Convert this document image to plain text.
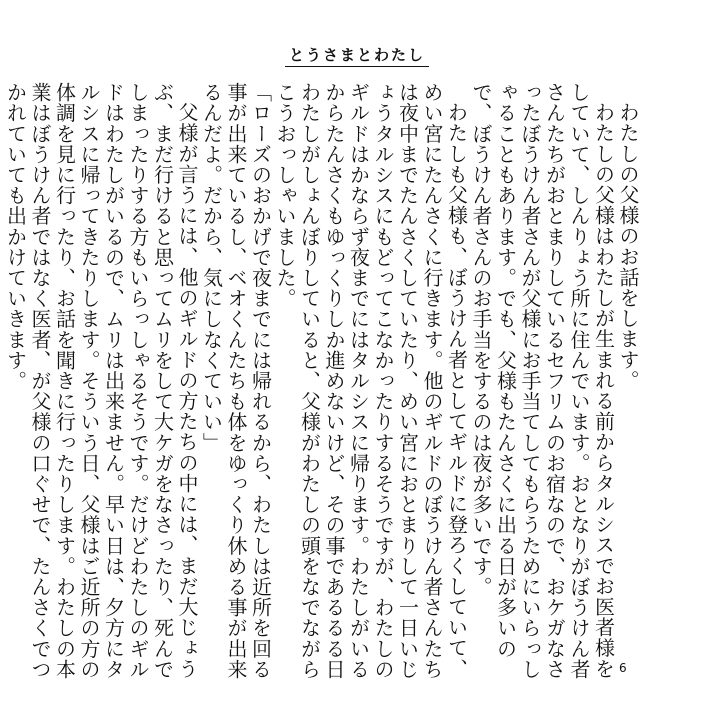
とうさまとわたし

わたしの父様のお話をします。

わたしの父様はわたしが生まれる前からタルシスでお医者様をしていて、しんりょう所に住んでいます。おとなりがぼうけん者さんたちがおとまりしているセフリムのお宿なので、おケガなさったぼうけん者さんが父様にお手当てしてもらうためにいらっしゃることもあります。でも、父様もたんさくに出る日が多いので、ぼうけん者さんのお手当をするのは夜が多いです。

わたしも父様も、ぼうけん者としてギルドに登ろくしていて、めい宮にたんさくに行きます。他のギルドのぼうけん者さんたちは夜中までたんさくしていたり、めい宮におとまりして一日いじょうタルシスにもどってこなかったりするそうですが、わたしのギルドはかならず夜までにはタルシスに帰ります。わたしがいるからたんさくもゆっくりしか進めないけど、その事であるるる日わたしがしょんぼりしていると、父様がわたしの頭をなでながらこうおっしゃいました。

「ローズのおかげで夜までには帰れるから、わたしは近所を回る事が出来ているし、ベオくんたちも体をゆっくり休める事が出来るんだよ。だから、気にしなくていい」

父様が言うには、他のギルドの方たちの中には、まだ大じょうぶ、まだ行けると思ってムリをして大ケガをなさったり、死んでしまったりする方もいらっしゃるそうです。だけどわたしのギルドはわたしがいるので、ムリは出来ません。早い日は、夕方にタルシスに帰ってきたりします。そういう日、父様はご近所の方の体調を見に行ったり、お話を聞きに行ったりします。わたしの本業はぼうけん者ではなく医者、が父様の口ぐせで、たんさくでつかれていても出かけていきます。

6
